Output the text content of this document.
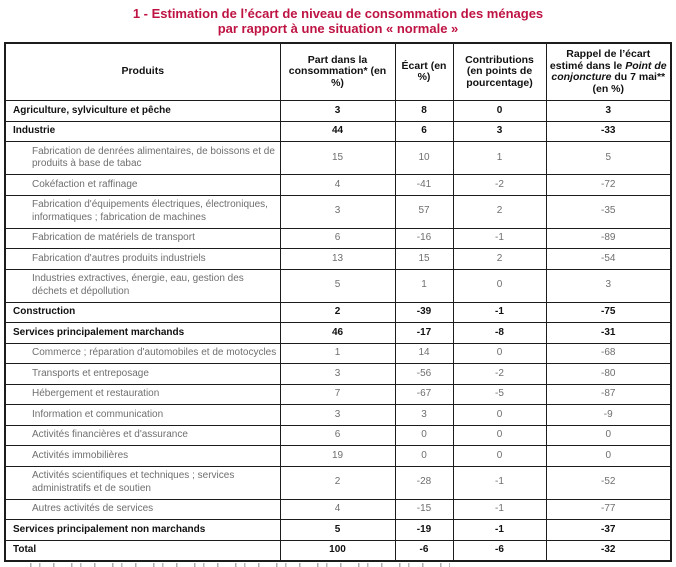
1 - Estimation de l’écart de niveau de consommation des ménages
par rapport à une situation « normale »
Produits	Part dans la consommation* (en %)	Écart (en %)	Contributions (en points de pourcentage)	Rappel de l’écart estimé dans le Point de conjoncture du 7 mai** (en %)
Agriculture, sylviculture et pêche	3	8	0	3
Industrie	44	6	3	-33
Fabrication de denrées alimentaires, de boissons et de produits à base de tabac	15	10	1	5
Cokéfaction et raffinage	4	-41	-2	-72
Fabrication d'équipements électriques, électroniques, informatiques ; fabrication de machines	3	57	2	-35
Fabrication de matériels de transport	6	-16	-1	-89
Fabrication d'autres produits industriels	13	15	2	-54
Industries extractives, énergie, eau, gestion des déchets et dépollution	5	1	0	3
Construction	2	-39	-1	-75
Services principalement marchands	46	-17	-8	-31
Commerce ; réparation d'automobiles et de motocycles	1	14	0	-68
Transports et entreposage	3	-56	-2	-80
Hébergement et restauration	7	-67	-5	-87
Information et communication	3	3	0	-9
Activités financières et d'assurance	6	0	0	0
Activités immobilières	19	0	0	0
Activités scientifiques et techniques ; services administratifs et de soutien	2	-28	-1	-52
Autres activités de services	4	-15	-1	-77
Services principalement non marchands	5	-19	-1	-37
Total	100	-6	-6	-32
